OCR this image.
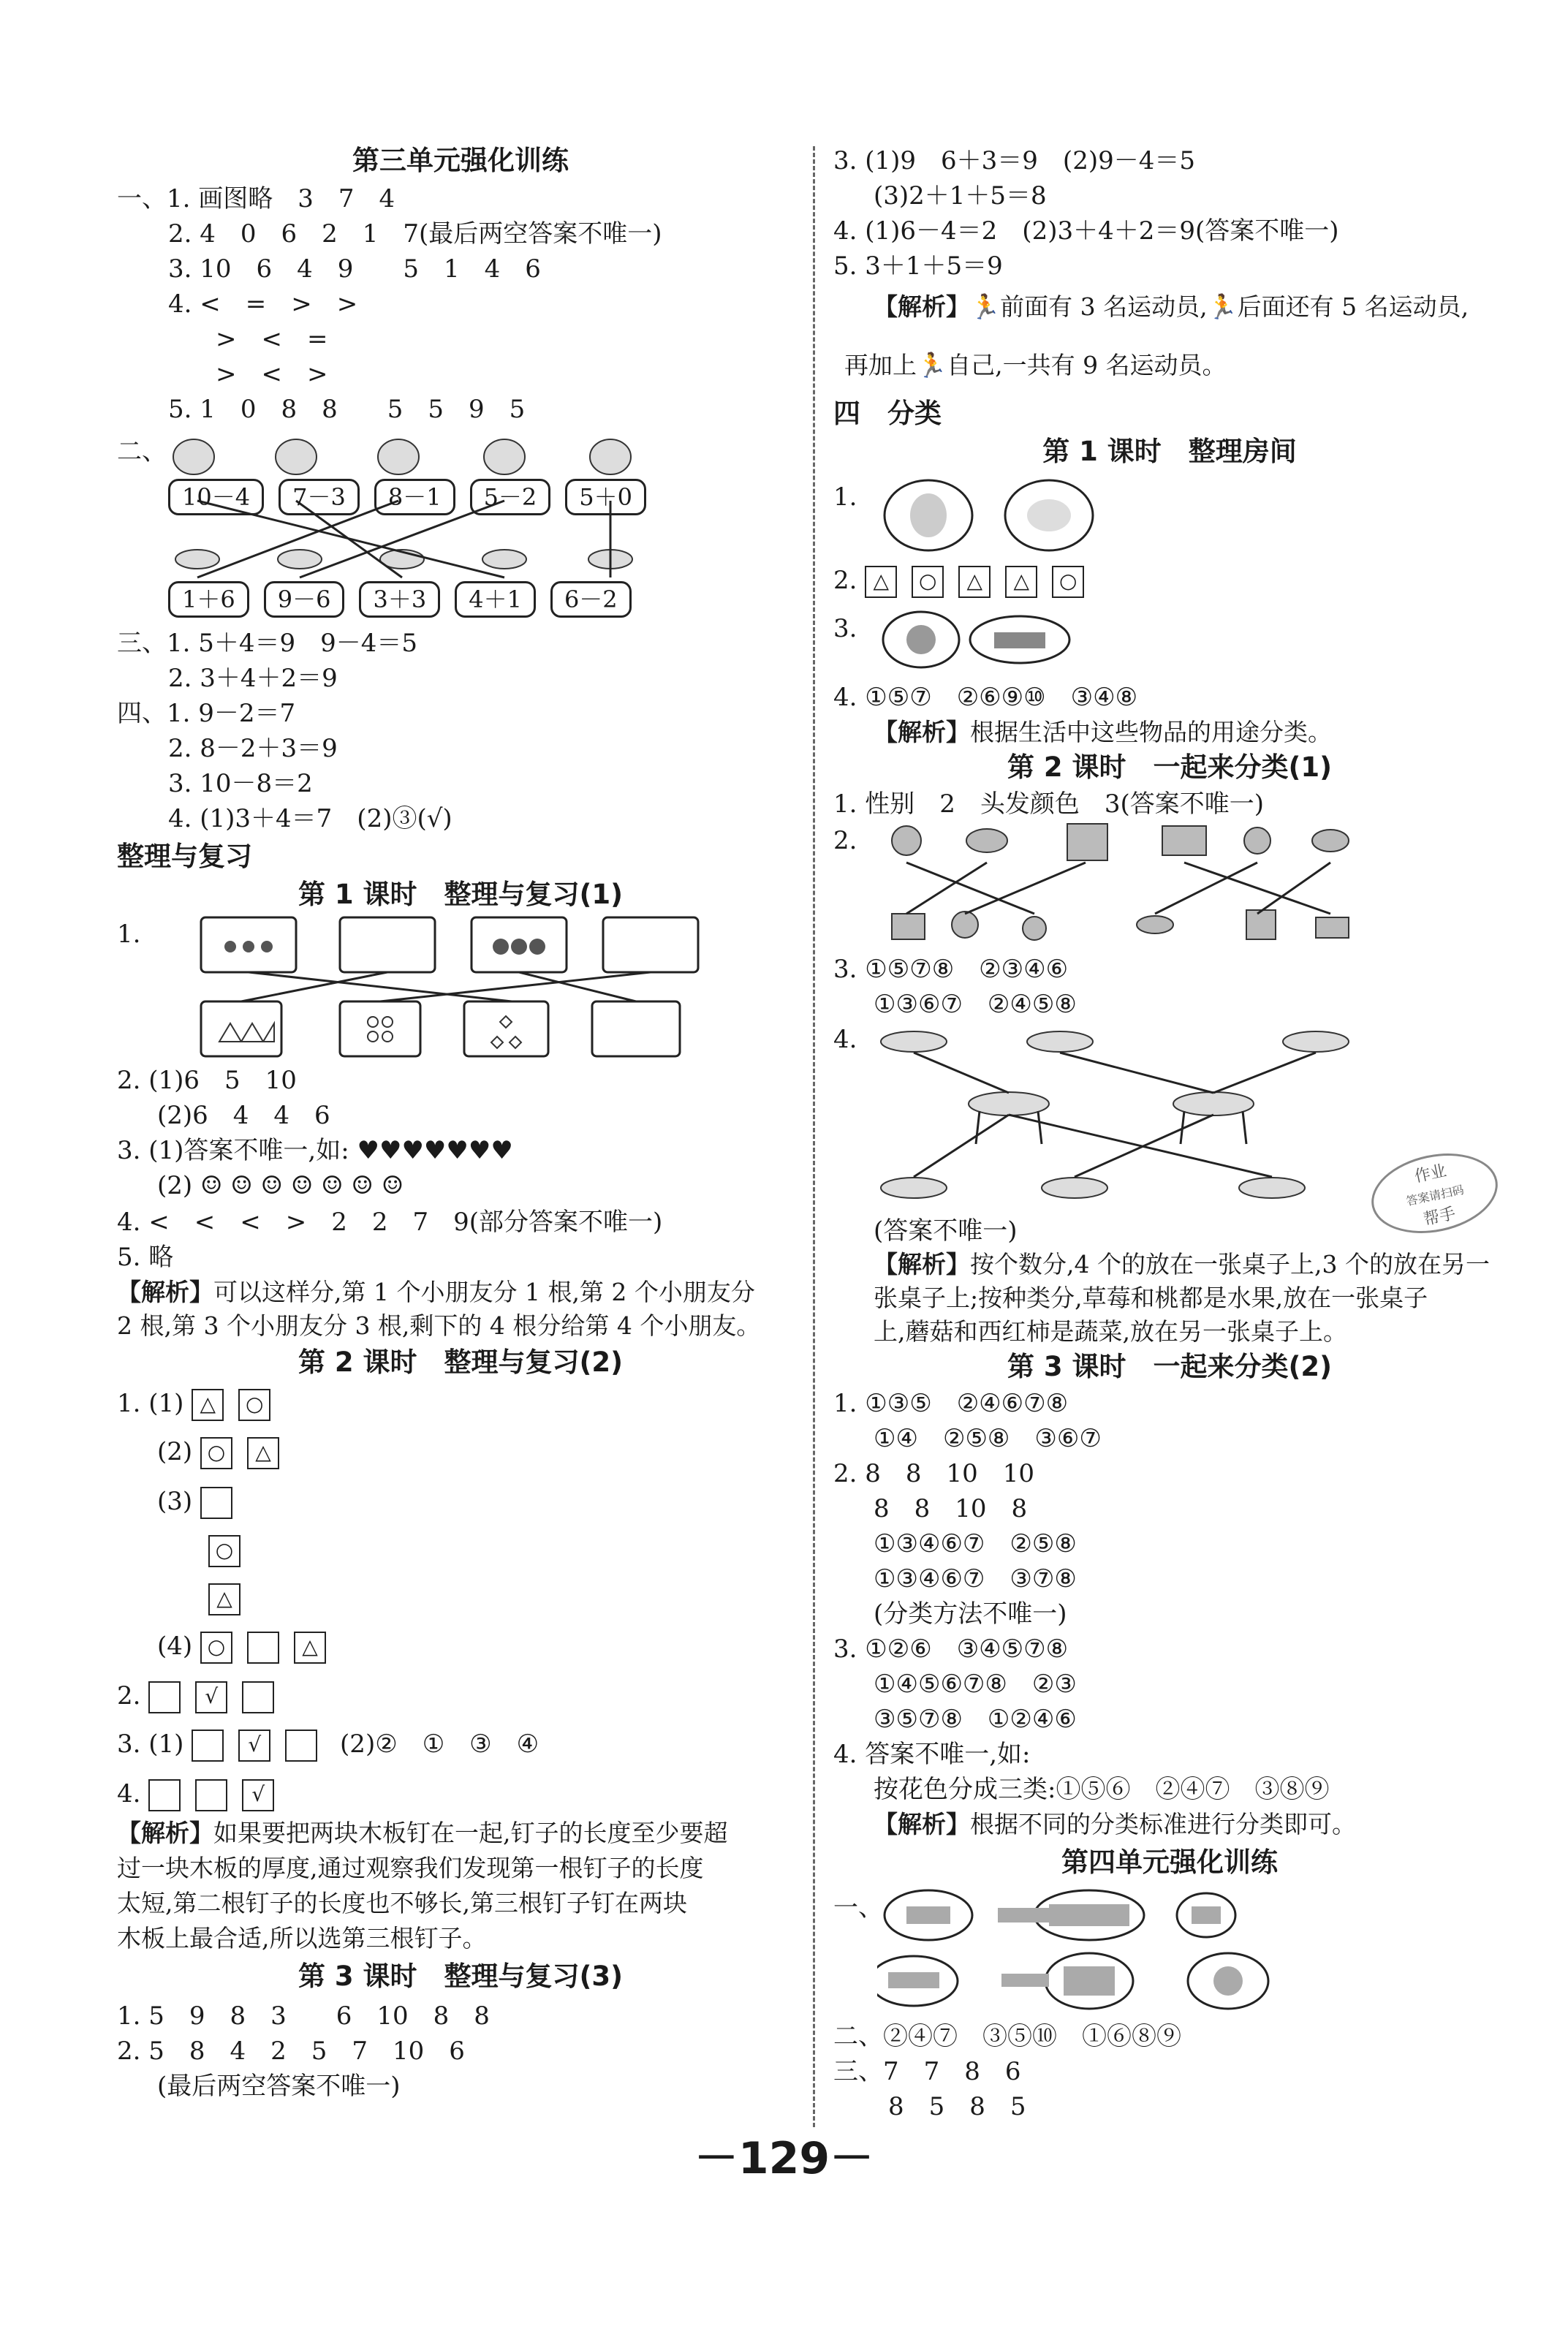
第三单元强化训练
一、1. 画图略　3　7　4
2. 4　0　6　2　1　7(最后两空答案不唯一)
3. 10　6　4　9　　5　1　4　6
4. <　=　>　>
>　<　=
>　<　>
5. 1　0　8　8　　5　5　9　5
二、
10－4 7－3 8－1 5－2 5＋0
1＋6 9－6 3＋3 4＋1 6－2
三、1. 5＋4＝9　9－4＝5
2. 3＋4＋2＝9
四、1. 9－2＝7
2. 8－2＋3＝9
3. 10－8＝2
4. (1)3＋4＝7　(2)③(√)
整理与复习
第 1 课时　整理与复习(1)
1.
2. (1)6　5　10
(2)6　4　4　6
3. (1)答案不唯一,如: ♥♥♥♥♥♥♥
(2) ☺ ☺ ☺ ☺ ☺ ☺ ☺
4. <　<　<　>　2　2　7　9(部分答案不唯一)
5. 略
【解析】可以这样分,第 1 个小朋友分 1 根,第 2 个小朋友分
2 根,第 3 个小朋友分 3 根,剩下的 4 根分给第 4 个小朋友。
第 2 课时　整理与复习(2)
1. (1) △ ○
(2) ○ △
(3)
○
△
(4) ○	△
2.	√
3. (1)	√	(2)②　①　③　④
4.	√
【解析】如果要把两块木板钉在一起,钉子的长度至少要超
过一块木板的厚度,通过观察我们发现第一根钉子的长度
太短,第二根钉子的长度也不够长,第三根钉子钉在两块
木板上最合适,所以选第三根钉子。
第 3 课时　整理与复习(3)
1. 5　9　8　3　　6　10　8　8
2. 5　8　4　2　5　7　10　6
(最后两空答案不唯一)
3. (1)9　6＋3＝9　(2)9－4＝5
(3)2＋1＋5＝8
4. (1)6－4＝2　(2)3＋4＋2＝9(答案不唯一)
5. 3＋1＋5＝9
【解析】🏃前面有 3 名运动员,🏃后面还有 5 名运动员,
再加上🏃自己,一共有 9 名运动员。
四　分类
第 1 课时　整理房间
1.
2. △ ○ △ △ ○
3.
4. ①⑤⑦　②⑥⑨⑩　③④⑧
【解析】根据生活中这些物品的用途分类。
第 2 课时　一起来分类(1)
1. 性别　2　头发颜色　3(答案不唯一)
2.
3. ①⑤⑦⑧　②③④⑥
①③⑥⑦　②④⑤⑧
4.
作业
答案请扫码
帮手
(答案不唯一)
【解析】按个数分,4 个的放在一张桌子上,3 个的放在另一
张桌子上;按种类分,草莓和桃都是水果,放在一张桌子
上,蘑菇和西红柿是蔬菜,放在另一张桌子上。
第 3 课时　一起来分类(2)
1. ①③⑤　②④⑥⑦⑧
①④　②⑤⑧　③⑥⑦
2. 8　8　10　10
8　8　10　8
①③④⑥⑦　②⑤⑧
①③④⑥⑦　③⑦⑧
(分类方法不唯一)
3. ①②⑥　③④⑤⑦⑧
①④⑤⑥⑦⑧　②③
③⑤⑦⑧　①②④⑥
4. 答案不唯一,如:
按花色分成三类:①⑤⑥　②④⑦　③⑧⑨
【解析】根据不同的分类标准进行分类即可。
第四单元强化训练
一、
二、②④⑦　③⑤⑩　①⑥⑧⑨
三、7　7　8　6
8　5　8　5
－129－
